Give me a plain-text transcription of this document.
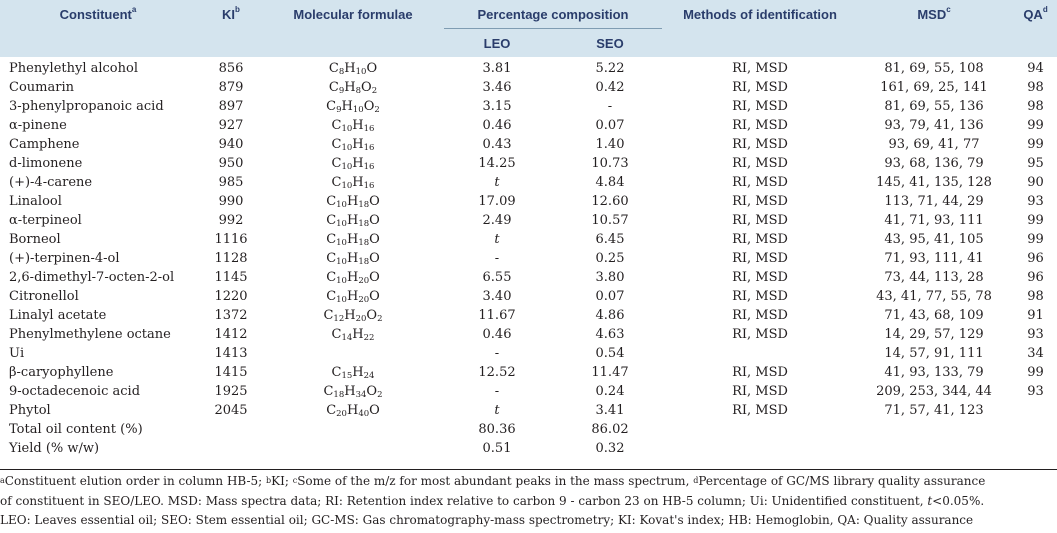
Constituent$^a$	$KI^b$	Molecular formulae	Percentage composition		Methods of identification	MSD$^c$	$QA^d$
			LEO	SEO			
Phenylethyl alcohol	856	$C_8H_{10}O$	3.81	5.22	RI, MSD	81, 69, 55, 108	94
Coumarin	879	$C_9H_8O_2$	3.46	0.42	RI, MSD	161, 69, 25, 141	98
3-phenylpropanoic acid	897	$C_9H_{10}O_2$	3.15	-	RI, MSD	81, 69, 55, 136	98
α-pinene	927	$C_{10}H_{16}$	0.46	0.07	RI, MSD	93, 79, 41, 136	99
Camphene	940	$C_{10}H_{16}$	0.43	1.40	RI, MSD	93, 69, 41, 77	99
d-limonene	950	$C_{10}H_{16}$	14.25	10.73	RI, MSD	93, 68, 136, 79	95
(+)-4-carene	985	$C_{10}H_{16}$	t	4.84	RI, MSD	145, 41, 135, 128	90
Linalool	990	$C_{10}H_{18}O$	17.09	12.60	RI, MSD	113, 71, 44, 29	93
α-terpineol	992	$C_{10}H_{18}O$	2.49	10.57	RI, MSD	41, 71, 93, 111	99
Borneol	1116	$C_{10}H_{18}O$	t	6.45	RI, MSD	43, 95, 41, 105	99
(+)-terpinen-4-ol	1128	$C_{10}H_{18}O$	-	0.25	RI, MSD	71, 93, 111, 41	96
2,6-dimethyl-7-octen-2-ol	1145	$C_{10}H_{20}O$	6.55	3.80	RI, MSD	73, 44, 113, 28	96
Citronellol	1220	$C_{10}H_{20}O$	3.40	0.07	RI, MSD	43, 41, 77, 55, 78	98
Linalyl acetate	1372	$C_{12}H_{20}O_2$	11.67	4.86	RI, MSD	71, 43, 68, 109	91
Phenylmethylene octane	1412	$C_{14}H_{22}$	0.46	4.63	RI, MSD	14, 29, 57, 129	93
Ui	1413		-	0.54		14, 57, 91, 111	34
β-caryophyllene	1415	$C_{15}H_{24}$	12.52	11.47	RI, MSD	41, 93, 133, 79	99
9-octadecenoic acid	1925	$C_{18}H_{34}O_2$	-	0.24	RI, MSD	209, 253, 344, 44	93
Phytol	2045	$C_{20}H_{40}O$	t	3.41	RI, MSD	71, 57, 41, 123	
Total oil content (%)			80.36	86.02			
Yield (% w/w)			0.51	0.32			

$^a$Constituent elution order in column HB-5; $^b$KI; $^c$Some of the m/z for most abundant peaks in the mass spectrum, $^d$Percentage of GC/MS library quality assurance

of constituent in SEO/LEO. MSD: Mass spectra data; RI: Retention index relative to carbon 9 - carbon 23 on HB-5 column; Ui: Unidentified constituent, t<0.05%.

LEO: Leaves essential oil; SEO: Stem essential oil; GC-MS: Gas chromatography-mass spectrometry; KI: Kovat's index; HB: Hemoglobin, QA: Quality assurance
